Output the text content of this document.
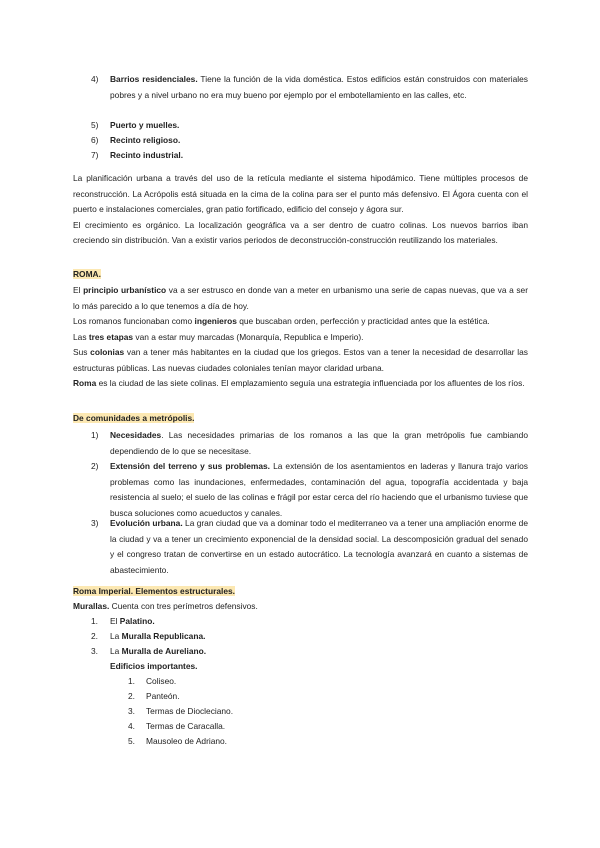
4) Barrios residenciales. Tiene la función de la vida doméstica. Estos edificios están construidos con materiales pobres y a nivel urbano no era muy bueno por ejemplo por el embotellamiento en las calles, etc.
5) Puerto y muelles.
6) Recinto religioso.
7) Recinto industrial.
La planificación urbana a través del uso de la retícula mediante el sistema hipodámico. Tiene múltiples procesos de reconstrucción. La Acrópolis está situada en la cima de la colina para ser el punto más defensivo. El Ágora cuenta con el puerto e instalaciones comerciales, gran patio fortificado, edificio del consejo y ágora sur.
El crecimiento es orgánico. La localización geográfica va a ser dentro de cuatro colinas. Los nuevos barrios iban creciendo sin distribución. Van a existir varios periodos de deconstrucción-construcción reutilizando los materiales.
ROMA.
El principio urbanístico va a ser estrusco en donde van a meter en urbanismo una serie de capas nuevas, que va a ser lo más parecido a lo que tenemos a día de hoy.
Los romanos funcionaban como ingenieros que buscaban orden, perfección y practicidad antes que la estética.
Las tres etapas van a estar muy marcadas (Monarquía, Republica e Imperio).
Sus colonias van a tener más habitantes en la ciudad que los griegos. Estos van a tener la necesidad de desarrollar las estructuras públicas. Las nuevas ciudades coloniales tenían mayor claridad urbana.
Roma es la ciudad de las siete colinas. El emplazamiento seguía una estrategia influenciada por los afluentes de los ríos.
De comunidades a metrópolis.
1) Necesidades. Las necesidades primarias de los romanos a las que la gran metrópolis fue cambiando dependiendo de lo que se necesitase.
2) Extensión del terreno y sus problemas. La extensión de los asentamientos en laderas y llanura trajo varios problemas como las inundaciones, enfermedades, contaminación del agua, topografía accidentada y baja resistencia al suelo; el suelo de las colinas e frágil por estar cerca del río haciendo que el urbanismo tuviese que busca soluciones como acueductos y canales.
3) Evolución urbana. La gran ciudad que va a dominar todo el mediterraneo va a tener una ampliación enorme de la ciudad y va a tener un crecimiento exponencial de la densidad social. La descomposición gradual del senado y el congreso tratan de convertirse en un estado autocrático. La tecnología avanzará en cuanto a sistemas de abastecimiento.
Roma Imperial. Elementos estructurales.
Murallas. Cuenta con tres perímetros defensivos.
1. El Palatino.
2. La Muralla Republicana.
3. La Muralla de Aureliano.
Edificios importantes.
1. Coliseo.
2. Panteón.
3. Termas de Diocleciano.
4. Termas de Caracalla.
5. Mausoleo de Adriano.
